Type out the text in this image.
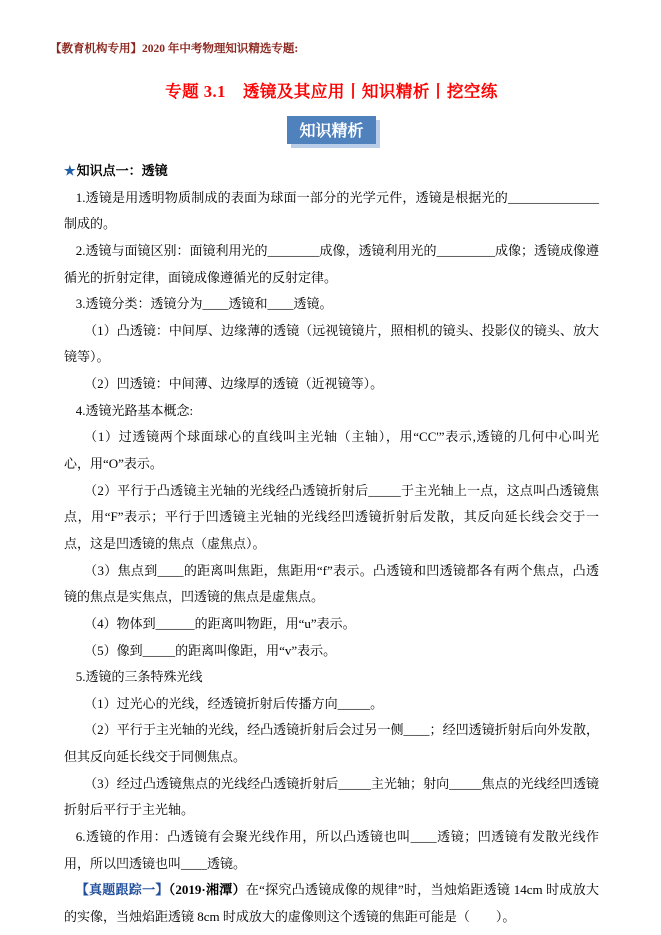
【教育机构专用】2020 年中考物理知识精选专题:
专题 3.1　透镜及其应用丨知识精析丨挖空练
知识精析

★知识点一：透镜

1.透镜是用透明物质制成的表面为球面一部分的光学元件，透镜是根据光的______________制成的。

2.透镜与面镜区别：面镜利用光的________成像，透镜利用光的_________成像；透镜成像遵循光的折射定律，面镜成像遵循光的反射定律。

3.透镜分类：透镜分为____透镜和____透镜。

（1）凸透镜：中间厚、边缘薄的透镜（远视镜镜片，照相机的镜头、投影仪的镜头、放大镜等）。

（2）凹透镜：中间薄、边缘厚的透镜（近视镜等）。

4.透镜光路基本概念:

（1）过透镜两个球面球心的直线叫主光轴（主轴），用“CC'”表示,透镜的几何中心叫光心，用“O”表示。

（2）平行于凸透镜主光轴的光线经凸透镜折射后_____于主光轴上一点，这点叫凸透镜焦点，用“F”表示；平行于凹透镜主光轴的光线经凹透镜折射后发散，其反向延长线会交于一点，这是凹透镜的焦点（虚焦点）。

（3）焦点到____的距离叫焦距，焦距用“f”表示。凸透镜和凹透镜都各有两个焦点，凸透镜的焦点是实焦点，凹透镜的焦点是虚焦点。

（4）物体到______的距离叫物距，用“u”表示。

（5）像到_____的距离叫像距，用“v”表示。

5.透镜的三条特殊光线

（1）过光心的光线，经透镜折射后传播方向_____。

（2）平行于主光轴的光线，经凸透镜折射后会过另一侧____；经凹透镜折射后向外发散，但其反向延长线交于同侧焦点。

（3）经过凸透镜焦点的光线经凸透镜折射后_____主光轴；射向_____焦点的光线经凹透镜折射后平行于主光轴。

6.透镜的作用：凸透镜有会聚光线作用，所以凸透镜也叫____透镜；凹透镜有发散光线作用，所以凹透镜也叫____透镜。

【真题跟踪一】（2019·湘潭）在“探究凸透镜成像的规律”时，当烛焰距透镜 14cm 时成放大的实像，当烛焰距透镜 8cm 时成放大的虚像则这个透镜的焦距可能是（　　）。
